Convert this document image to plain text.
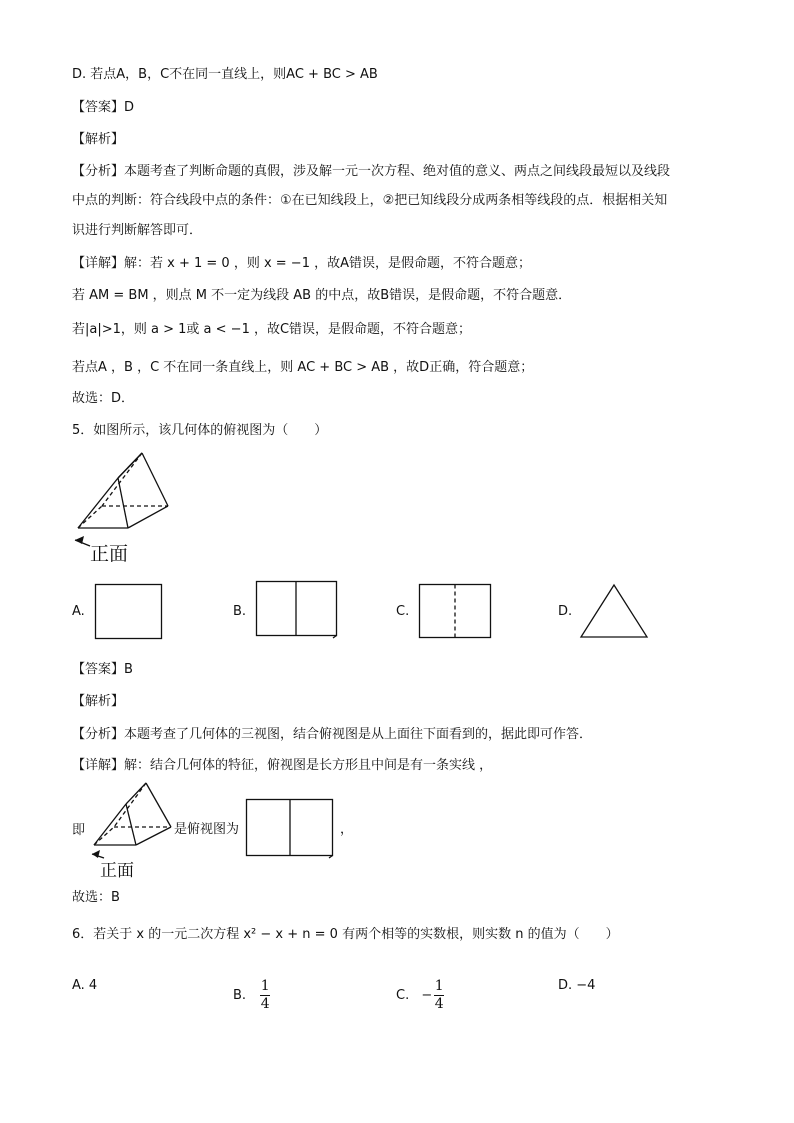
D. 若点A，B，C不在同一直线上，则AC + BC > AB
【答案】D
【解析】
【分析】本题考查了判断命题的真假，涉及解一元一次方程、绝对值的意义、两点之间线段最短以及线段
中点的判断：符合线段中点的条件：①在已知线段上，②把已知线段分成两条相等线段的点．根据相关知
识进行判断解答即可．
【详解】解：若 x + 1 = 0 ，则 x = −1 ，故A错误，是假命题，不符合题意；
若 AM = BM ，则点 M 不一定为线段 AB 的中点，故B错误，是假命题，不符合题意．
若|a|>1，则 a > 1或 a < −1 ，故C错误，是假命题，不符合题意；
若点A ，B ，C 不在同一条直线上，则 AC + BC > AB ，故D正确，符合题意；
故选：D．
5．如图所示，该几何体的俯视图为（　　）
正面
A.	B.	C.	D.
【答案】B
【解析】
【分析】本题考查了几何体的三视图，结合俯视图是从上面往下面看到的，据此即可作答．
【详解】解：结合几何体的特征，俯视图是长方形且中间是有一条实线 ，
即	是俯视图为	，
正面
故选：B
6．若关于 x 的一元二次方程 x² − x + n = 0 有两个相等的实数根，则实数 n 的值为（　　）
A. 4
B. $\frac{1}{4}$	C. − $\frac{1}{4}$	D. −4
